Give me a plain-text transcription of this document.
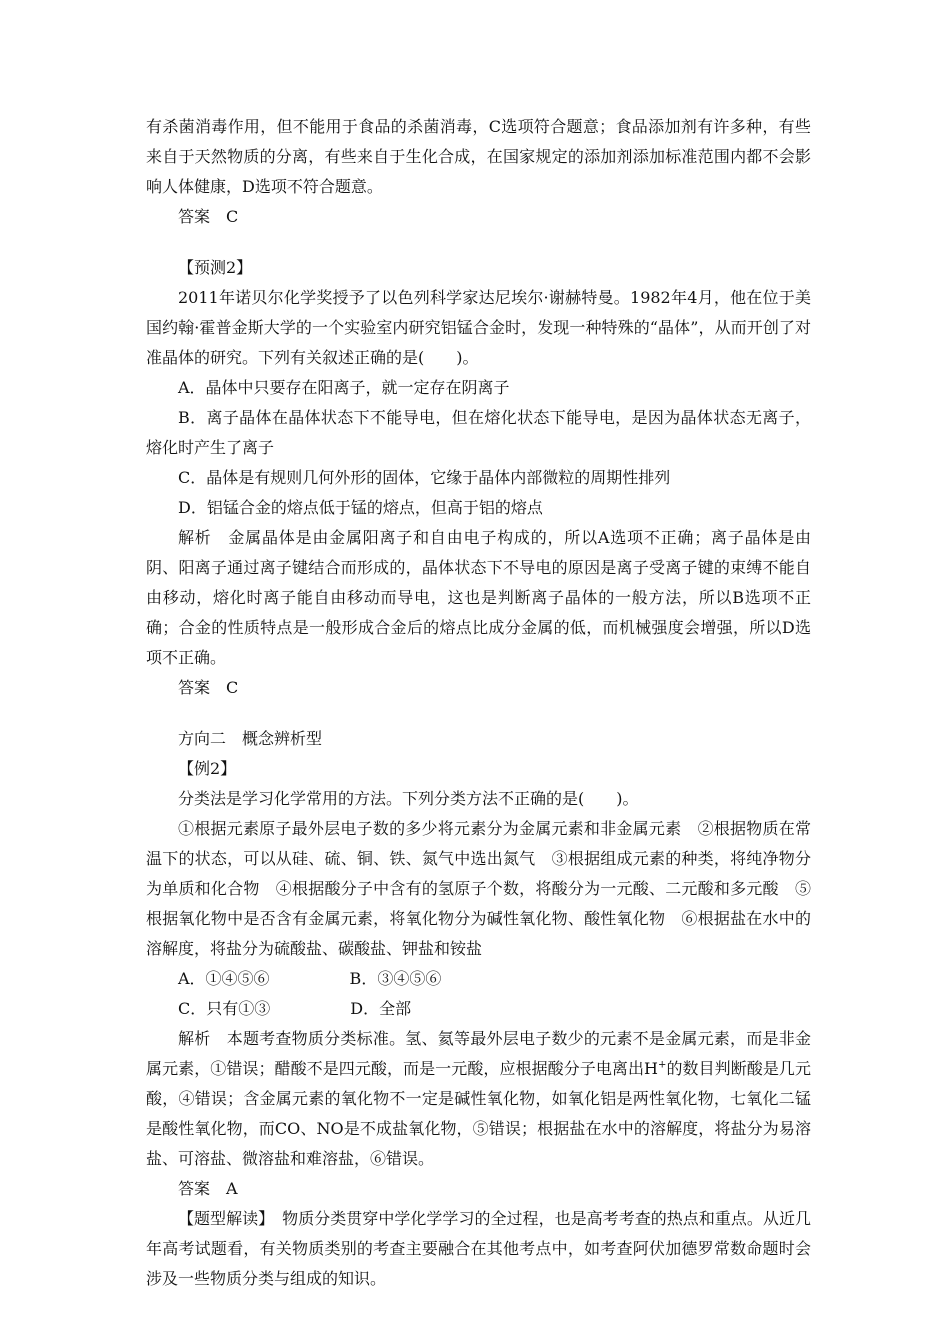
有杀菌消毒作用，但不能用于食品的杀菌消毒，C选项符合题意；食品添加剂有许多种，有些来自于天然物质的分离，有些来自于生化合成，在国家规定的添加剂添加标准范围内都不会影响人体健康，D选项不符合题意。

答案　C

【预测2】

2011年诺贝尔化学奖授予了以色列科学家达尼埃尔·谢赫特曼。1982年4月，他在位于美国约翰·霍普金斯大学的一个实验室内研究铝锰合金时，发现一种特殊的“晶体”，从而开创了对准晶体的研究。下列有关叙述正确的是(　　)。

A．晶体中只要存在阳离子，就一定存在阴离子

B．离子晶体在晶体状态下不能导电，但在熔化状态下能导电，是因为晶体状态无离子，熔化时产生了离子

C．晶体是有规则几何外形的固体，它缘于晶体内部微粒的周期性排列

D．铝锰合金的熔点低于锰的熔点，但高于铝的熔点

解析　金属晶体是由金属阳离子和自由电子构成的，所以A选项不正确；离子晶体是由阴、阳离子通过离子键结合而形成的，晶体状态下不导电的原因是离子受离子键的束缚不能自由移动，熔化时离子能自由移动而导电，这也是判断离子晶体的一般方法，所以B选项不正确；合金的性质特点是一般形成合金后的熔点比成分金属的低，而机械强度会增强，所以D选项不正确。

答案　C

方向二　概念辨析型

【例2】

分类法是学习化学常用的方法。下列分类方法不正确的是(　　)。

①根据元素原子最外层电子数的多少将元素分为金属元素和非金属元素　②根据物质在常温下的状态，可以从硅、硫、铜、铁、氮气中选出氮气　③根据组成元素的种类，将纯净物分为单质和化合物　④根据酸分子中含有的氢原子个数，将酸分为一元酸、二元酸和多元酸　⑤根据氧化物中是否含有金属元素，将氧化物分为碱性氧化物、酸性氧化物　⑥根据盐在水中的溶解度，将盐分为硫酸盐、碳酸盐、钾盐和铵盐

A．①④⑤⑥　　　　　B．③④⑤⑥

C．只有①③　　　　　D．全部

解析　本题考查物质分类标准。氢、氦等最外层电子数少的元素不是金属元素，而是非金属元素，①错误；醋酸不是四元酸，而是一元酸，应根据酸分子电离出H+的数目判断酸是几元酸，④错误；含金属元素的氧化物不一定是碱性氧化物，如氧化铝是两性氧化物，七氧化二锰是酸性氧化物，而CO、NO是不成盐氧化物，⑤错误；根据盐在水中的溶解度，将盐分为易溶盐、可溶盐、微溶盐和难溶盐，⑥错误。

答案　A

【题型解读】　物质分类贯穿中学化学学习的全过程，也是高考考查的热点和重点。从近几年高考试题看，有关物质类别的考查主要融合在其他考点中，如考查阿伏加德罗常数命题时会涉及一些物质分类与组成的知识。
